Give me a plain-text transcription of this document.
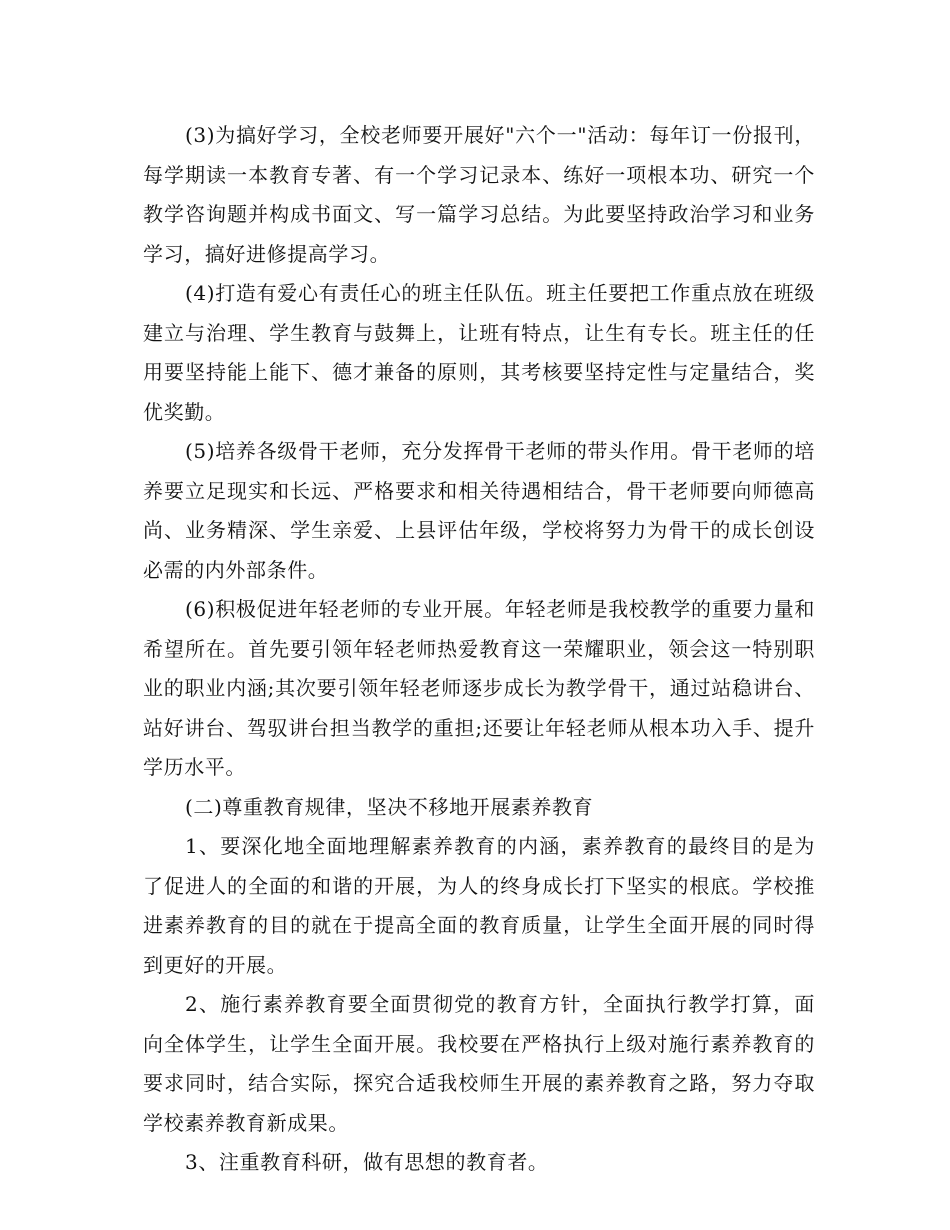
(3)为搞好学习，全校老师要开展好"六个一"活动：每年订一份报刊，每学期读一本教育专著、有一个学习记录本、练好一项根本功、研究一个教学咨询题并构成书面文、写一篇学习总结。为此要坚持政治学习和业务学习，搞好进修提高学习。

(4)打造有爱心有责任心的班主任队伍。班主任要把工作重点放在班级建立与治理、学生教育与鼓舞上，让班有特点，让生有专长。班主任的任用要坚持能上能下、德才兼备的原则，其考核要坚持定性与定量结合，奖优奖勤。

(5)培养各级骨干老师，充分发挥骨干老师的带头作用。骨干老师的培养要立足现实和长远、严格要求和相关待遇相结合，骨干老师要向师德高尚、业务精深、学生亲爱、上县评估年级，学校将努力为骨干的成长创设必需的内外部条件。

(6)积极促进年轻老师的专业开展。年轻老师是我校教学的重要力量和希望所在。首先要引领年轻老师热爱教育这一荣耀职业，领会这一特别职业的职业内涵;其次要引领年轻老师逐步成长为教学骨干，通过站稳讲台、站好讲台、驾驭讲台担当教学的重担;还要让年轻老师从根本功入手、提升学历水平。

(二)尊重教育规律，坚决不移地开展素养教育

1、要深化地全面地理解素养教育的内涵，素养教育的最终目的是为了促进人的全面的和谐的开展，为人的终身成长打下坚实的根底。学校推进素养教育的目的就在于提高全面的教育质量，让学生全面开展的同时得到更好的开展。

2、施行素养教育要全面贯彻党的教育方针，全面执行教学打算，面向全体学生，让学生全面开展。我校要在严格执行上级对施行素养教育的要求同时，结合实际，探究合适我校师生开展的素养教育之路，努力夺取学校素养教育新成果。

3、注重教育科研，做有思想的教育者。
